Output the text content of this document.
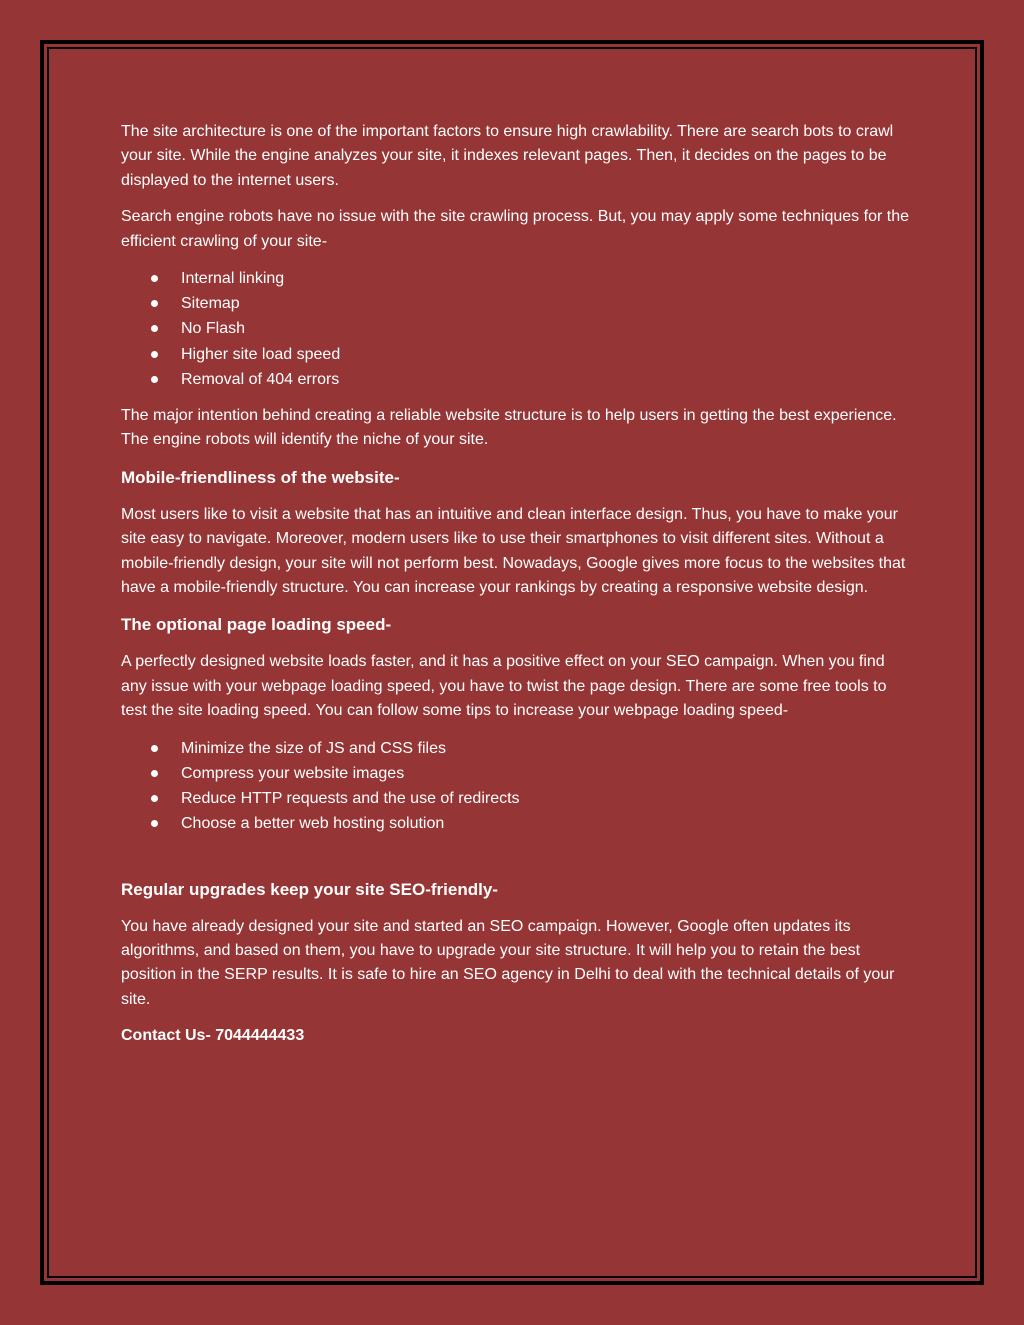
The site architecture is one of the important factors to ensure high crawlability. There are search bots to crawl your site. While the engine analyzes your site, it indexes relevant pages. Then, it decides on the pages to be displayed to the internet users.

Search engine robots have no issue with the site crawling process. But, you may apply some techniques for the efficient crawling of your site-

Internal linking
Sitemap
No Flash
Higher site load speed
Removal of 404 errors

The major intention behind creating a reliable website structure is to help users in getting the best experience. The engine robots will identify the niche of your site.

Mobile-friendliness of the website-

Most users like to visit a website that has an intuitive and clean interface design. Thus, you have to make your site easy to navigate. Moreover, modern users like to use their smartphones to visit different sites. Without a mobile-friendly design, your site will not perform best. Nowadays, Google gives more focus to the websites that have a mobile-friendly structure. You can increase your rankings by creating a responsive website design.

The optional page loading speed-

A perfectly designed website loads faster, and it has a positive effect on your SEO campaign. When you find any issue with your webpage loading speed, you have to twist the page design. There are some free tools to test the site loading speed. You can follow some tips to increase your webpage loading speed-

Minimize the size of JS and CSS files
Compress your website images
Reduce HTTP requests and the use of redirects
Choose a better web hosting solution
Regular upgrades keep your site SEO-friendly-

You have already designed your site and started an SEO campaign. However, Google often updates its algorithms, and based on them, you have to upgrade your site structure. It will help you to retain the best position in the SERP results. It is safe to hire an SEO agency in Delhi to deal with the technical details of your site.

Contact Us- 7044444433
